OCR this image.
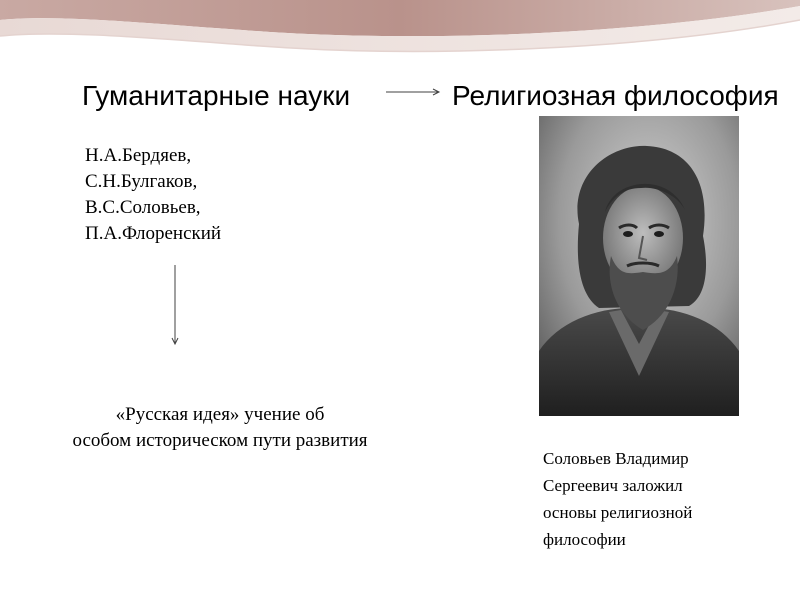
Гуманитарные науки	Религиозная философия
Н.А.Бердяев,
С.Н.Булгаков,
В.С.Соловьев,
П.А.Флоренский
«Русская идея» учение об
особом историческом пути развития
Соловьев Владимир
Сергеевич заложил
основы религиозной
философии
